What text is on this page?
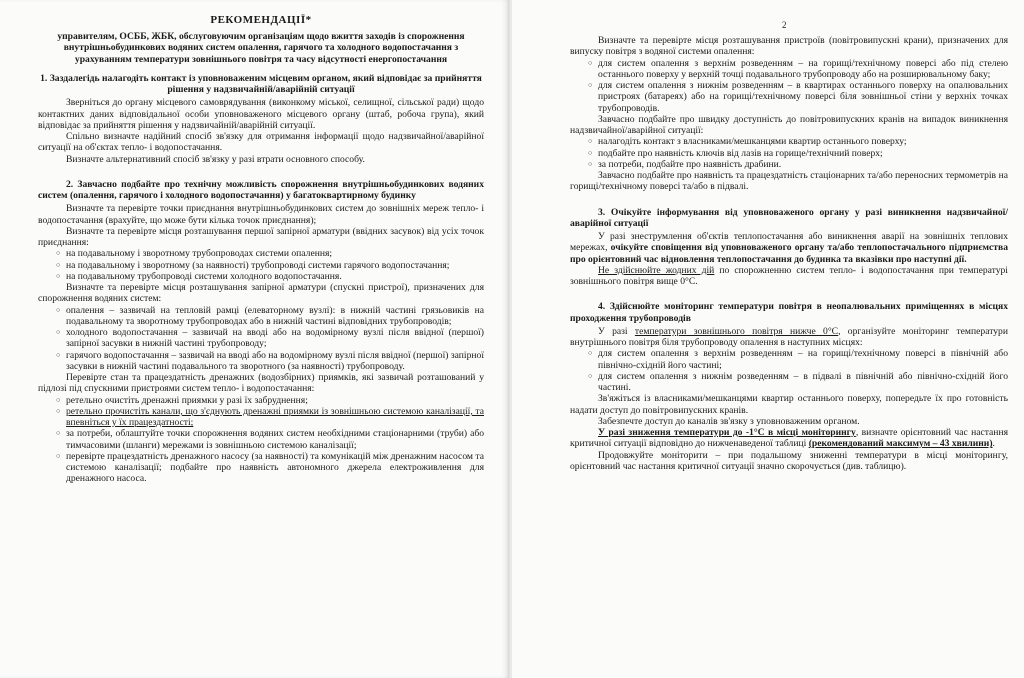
РЕКОМЕНДАЦІЇ*
управителям, ОСББ, ЖБК, обслуговуючим організаціям щодо вжиття заходів із спорожнення внутрішньобудинкових водяних систем опалення, гарячого та холодного водопостачання з урахуванням температури зовнішнього повітря та часу відсутності енергопостачання
1. Заздалегідь налагодіть контакт із уповноваженим місцевим органом, який відповідає за прийняття рішення у надзвичайній/аварійній ситуації

Зверніться до органу місцевого самоврядування (виконкому міської, селищної, сільської ради) щодо контактних даних відповідальної особи уповноваженого місцевого органу (штаб, робоча група), який відповідає за прийняття рішення у надзвичайній/аварійній ситуації.

Спільно визначте надійний спосіб зв'язку для отримання інформації щодо надзвичайної/аварійної ситуації на об'єктах тепло- і водопостачання.

Визначте альтернативний спосіб зв'язку у разі втрати основного способу.

2. Завчасно подбайте про технічну можливість спорожнення внутрішньобудинкових водяних систем (опалення, гарячого і холодного водопостачання) у багатоквартирному будинку

Визначте та перевірте точки приєднання внутрішньобудинкових систем до зовнішніх мереж тепло- і водопостачання (врахуйте, що може бути кілька точок приєднання);

Визначте та перевірте місця розташування першої запірної арматури (ввідних засувок) від усіх точок приєднання:

○ на подавальному і зворотному трубопроводах системи опалення;

○ на подавальному і зворотному (за наявності) трубопроводі системи гарячого водопостачання;

○ на подавальному трубопроводі системи холодного водопостачання.

Визначте та перевірте місця розташування запірної арматури (спускні пристрої), призначених для спорожнення водяних систем:

○ опалення – зазвичай на тепловій рамці (елеваторному вузлі): в нижній частині грязьовиків на подавальному та зворотному трубопроводах або в нижній частині відповідних трубопроводів;

○ холодного водопостачання – зазвичай на вводі або на водомірному вузлі після ввідної (першої) запірної засувки в нижній частині трубопроводу;

○ гарячого водопостачання – зазвичай на вводі або на водомірному вузлі після ввідної (першої) запірної засувки в нижній частині подавального та зворотного (за наявності) трубопроводу.

Перевірте стан та працездатність дренажних (водозбірних) приямків, які зазвичай розташований у підлозі під спускними пристроями систем тепло- і водопостачання:

○ ретельно очистіть дренажні приямки у разі їх забруднення;

○ ретельно прочистіть канали, що з'єднують дренажні приямки із зовнішньою системою каналізації, та впевніться у їх працездатності;

○ за потреби, облаштуйте точки спорожнення водяних систем необхідними стаціонарними (труби) або тимчасовими (шланги) мережами із зовнішньою системою каналізації;

○ перевірте працездатність дренажного насосу (за наявності) та комунікацій між дренажним насосом та системою каналізації; подбайте про наявність автономного джерела електроживлення для дренажного насоса.

2

Визначте та перевірте місця розташування пристроїв (повітровипускні крани), призначених для випуску повітря з водяної системи опалення:

○ для систем опалення з верхнім розведенням – на горищі/технічному поверсі або під стелею останнього поверху у верхній точці подавального трубопроводу або на розширювальному баку;

○ для систем опалення з нижнім розведенням – в квартирах останнього поверху на опалювальних пристроях (батареях) або на горищі/технічному поверсі біля зовнішньої стіни у верхніх точках трубопроводів.

Завчасно подбайте про швидку доступність до повітровипускних кранів на випадок виникнення надзвичайної/аварійної ситуації:

○ налагодіть контакт з власниками/мешканцями квартир останнього поверху;

○ подбайте про наявність ключів від лазів на горище/технічний поверх;

○ за потреби, подбайте про наявність драбини.

Завчасно подбайте про наявність та працездатність стаціонарних та/або переносних термометрів на горищі/технічному поверсі та/або в підвалі.

3. Очікуйте інформування від уповноваженого органу у разі виникнення надзвичайної/аварійної ситуації

У разі знеструмлення об'єктів теплопостачання або виникнення аварії на зовнішніх теплових мережах, очікуйте сповіщення від уповноваженого органу та/або теплопостачального підприємства про орієнтовний час відновлення теплопостачання до будинка та вказівки про наступні дії.

Не здійснюйте жодних дій по спорожненню систем тепло- і водопостачання при температурі зовнішнього повітря вище 0°С.

4. Здійснюйте моніторинг температури повітря в неопалювальних приміщеннях в місцях проходження трубопроводів

У разі температури зовнішнього повітря нижче 0°С, організуйте моніторинг температури внутрішнього повітря біля трубопроводу опалення в наступних місцях:

○ для систем опалення з верхнім розведенням – на горищі/технічному поверсі в північній або північно-східній його частині;

○ для систем опалення з нижнім розведенням – в підвалі в північній або північно-східній його частині.

Зв'яжіться із власниками/мешканцями квартир останнього поверху, попередьте їх про готовність надати доступ до повітровипускних кранів.

Забезпечте доступ до каналів зв'язку з уповноваженим органом.

У разі зниження температури до -1°С в місці моніторингу, визначте орієнтовний час настання критичної ситуації відповідно до нижченаведеної таблиці (рекомендований максимум – 43 хвилини).

Продовжуйте моніторити – при подальшому зниженні температури в місці моніторингу, орієнтовний час настання критичної ситуації значно скорочується (див. таблицю).
